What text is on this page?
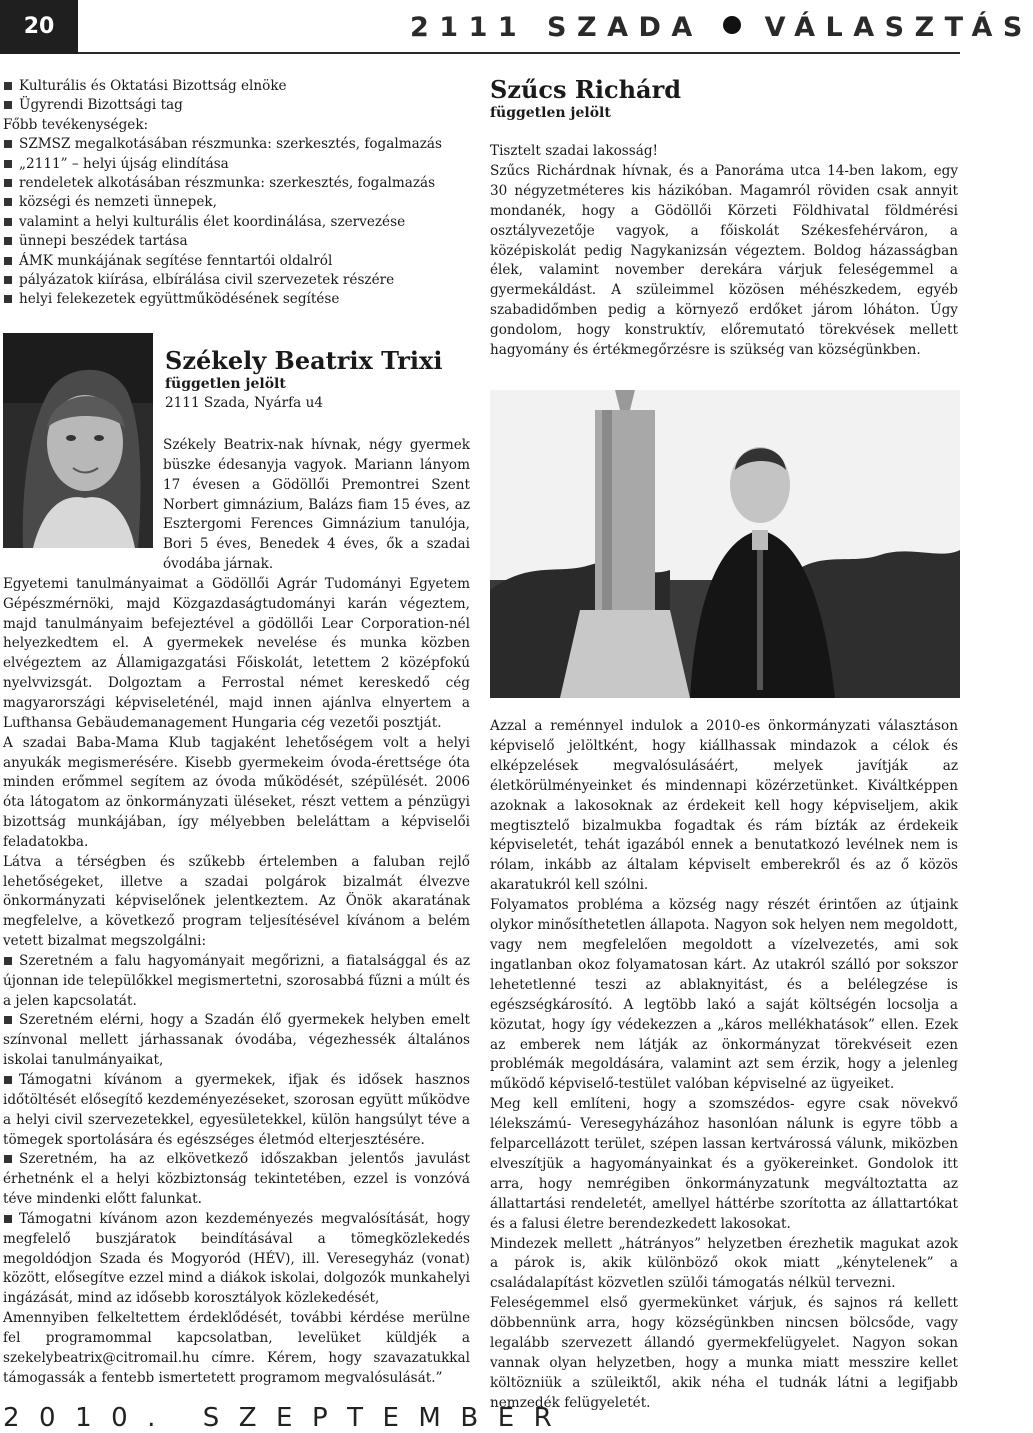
20	2111 SZADA VÁLASZTÁS
Kulturális és Oktatási Bizottság elnöke
Ügyrendi Bizottsági tag
Főbb tevékenységek:
SZMSZ megalkotásában részmunka: szerkesztés, fogalmazás
„2111” – helyi újság elindítása
rendeletek alkotásában részmunka: szerkesztés, fogalmazás
községi és nemzeti ünnepek,
valamint a helyi kulturális élet koordinálása, szervezése
ünnepi beszédek tartása
ÁMK munkájának segítése fenntartói oldalról
pályázatok kiírása, elbírálása civil szervezetek részére
helyi felekezetek együttműködésének segítése
Székely Beatrix Trixi
független jelölt
2111 Szada, Nyárfa u4

Székely Beatrix-nak hívnak, négy gyermek büszke édesanyja vagyok. Mariann lányom 17 évesen a Gödöllői Premontrei Szent Norbert gimnázium, Balázs fiam 15 éves, az Esztergomi Ferences Gimnázium tanulója, Bori 5 éves, Benedek 4 éves, ők a szadai óvodába járnak.

Egyetemi tanulmányaimat a Gödöllői Agrár Tudományi Egyetem Gépészmérnöki, majd Közgazdaságtudományi karán végeztem, majd tanulmányaim befejeztével a gödöllői Lear Corporation-nél helyezkedtem el. A gyermekek nevelése és munka közben elvégeztem az Államigazgatási Főiskolát, letettem 2 középfokú nyelvvizsgát. Dolgoztam a Ferrostal német kereskedő cég magyarországi képviseleténél, majd innen ajánlva elnyertem a Lufthansa Gebäudemanagement Hungaria cég vezetői posztját.

A szadai Baba-Mama Klub tagjaként lehetőségem volt a helyi anyukák megismerésére. Kisebb gyermekeim óvoda-érettsége óta minden erőmmel segítem az óvoda működését, szépülését. 2006 óta látogatom az önkormányzati üléseket, részt vettem a pénzügyi bizottság munkájában, így mélyebben beleláttam a képviselői feladatokba.

Látva a térségben és szűkebb értelemben a faluban rejlő lehetőségeket, illetve a szadai polgárok bizalmát élvezve önkormányzati képviselőnek jelentkeztem. Az Önök akaratának megfelelve, a következő program teljesítésével kívánom a belém vetett bizalmat megszolgálni:

Szeretném a falu hagyományait megőrizni, a fiatalsággal és az újonnan ide települőkkel megismertetni, szorosabbá fűzni a múlt és a jelen kapcsolatát.

Szeretném elérni, hogy a Szadán élő gyermekek helyben emelt színvonal mellett járhassanak óvodába, végezhessék általános iskolai tanulmányaikat,

Támogatni kívánom a gyermekek, ifjak és idősek hasznos időtöltését elősegítő kezdeményezéseket, szorosan együtt működve a helyi civil szervezetekkel, egyesületekkel, külön hangsúlyt téve a tömegek sportolására és egészséges életmód elterjesztésére.

Szeretném, ha az elkövetkező időszakban jelentős javulást érhetnénk el a helyi közbiztonság tekintetében, ezzel is vonzóvá téve mindenki előtt falunkat.

Támogatni kívánom azon kezdeményezés megvalósítását, hogy megfelelő buszjáratok beindításával a tömegközlekedés megoldódjon Szada és Mogyoród (HÉV), ill. Veresegyház (vonat) között, elősegítve ezzel mind a diákok iskolai, dolgozók munkahelyi ingázását, mind az idősebb korosztályok közlekedését,

Amennyiben felkeltettem érdeklődését, további kérdése merülne fel programommal kapcsolatban, levelüket küldjék a szekelybeatrix@citromail.hu címre. Kérem, hogy szavazatukkal támogassák a fentebb ismertetett programom megvalósulását.”

Szűcs Richárd
független jelölt

Tisztelt szadai lakosság!

Szűcs Richárdnak hívnak, és a Panoráma utca 14-ben lakom, egy 30 négyzetméteres kis házikóban. Magamról röviden csak annyit mondanék, hogy a Gödöllői Körzeti Földhivatal földmérési osztályvezetője vagyok, a főiskolát Székesfehérváron, a középiskolát pedig Nagykanizsán végeztem. Boldog házasságban élek, valamint november derekára várjuk feleségemmel a gyermekáldást. A szüleimmel közösen méhészkedem, egyéb szabadidőmben pedig a környező erdőket járom lóháton. Úgy gondolom, hogy konstruktív, előremutató törekvések mellett hagyomány és értékmegőrzésre is szükség van községünkben.

Azzal a reménnyel indulok a 2010-es önkormányzati választáson képviselő jelöltként, hogy kiállhassak mindazok a célok és elképzelések megvalósulásáért, melyek javítják az életkörülményeinket és mindennapi közérzetünket. Kiváltképpen azoknak a lakosoknak az érdekeit kell hogy képviseljem, akik megtisztelő bizalmukba fogadtak és rám bízták az érdekeik képviseletét, tehát igazából ennek a benutatkozó levélnek nem is rólam, inkább az általam képviselt emberekről és az ő közös akaratukról kell szólni.

Folyamatos probléma a község nagy részét érintően az útjaink olykor minősíthetetlen állapota. Nagyon sok helyen nem megoldott, vagy nem megfelelően megoldott a vízelvezetés, ami sok ingatlanban okoz folyamatosan kárt. Az utakról szálló por sokszor lehetetlenné teszi az ablaknyitást, és a belélegzése is egészségkárosító. A legtöbb lakó a saját költségén locsolja a közutat, hogy így védekezzen a „káros mellékhatások” ellen. Ezek az emberek nem látják az önkormányzat törekvéseit ezen problémák megoldására, valamint azt sem érzik, hogy a jelenleg működő képviselő-testület valóban képviselné az ügyeiket.

Meg kell említeni, hogy a szomszédos- egyre csak növekvő lélekszámú- Veresegyházához hasonlóan nálunk is egyre több a felparcellázott terület, szépen lassan kertvárossá válunk, miközben elveszítjük a hagyományainkat és a gyökereinket. Gondolok itt arra, hogy nemrégiben önkormányzatunk megváltoztatta az állattartási rendeletét, amellyel háttérbe szorította az állattartókat és a falusi életre berendezkedett lakosokat.

Mindezek mellett „hátrányos” helyzetben érezhetik magukat azok a párok is, akik különböző okok miatt „kénytelenek” a családalapítást közvetlen szülői támogatás nélkül tervezni.

Feleségemmel első gyermekünket várjuk, és sajnos rá kellett döbbennünk arra, hogy községünkben nincsen bölcsőde, vagy legalább szervezett állandó gyermekfelügyelet. Nagyon sokan vannak olyan helyzetben, hogy a munka miatt messzire kellet költözniük a szüleiktől, akik néha el tudnák látni a legifjabb nemzedék felügyeletét.

2010. SZEPTEMBER
